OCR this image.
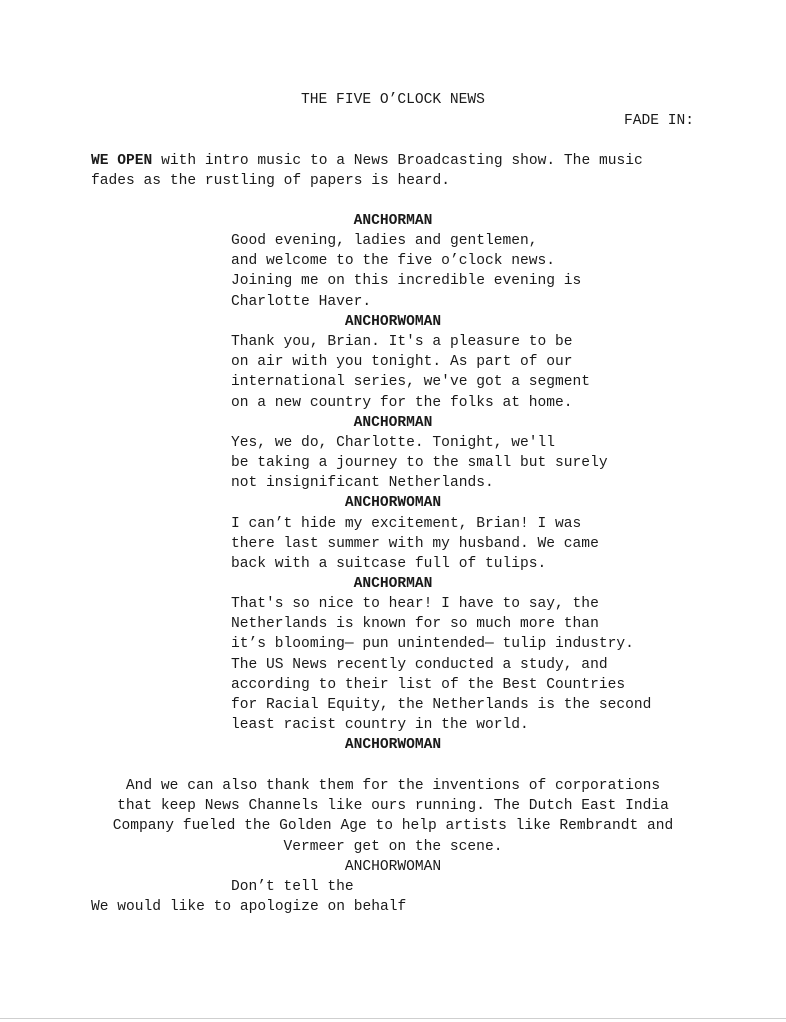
THE FIVE O’CLOCK NEWS
FADE IN:
WE OPEN with intro music to a News Broadcasting show. The music
fades as the rustling of papers is heard.
ANCHORMAN
Good evening, ladies and gentlemen,
and welcome to the five o’clock news.
Joining me on this incredible evening is
Charlotte Haver.
ANCHORWOMAN
Thank you, Brian. It's a pleasure to be
on air with you tonight. As part of our
international series, we've got a segment
on a new country for the folks at home.
ANCHORMAN
Yes, we do, Charlotte. Tonight, we'll
be taking a journey to the small but surely
not insignificant Netherlands.
ANCHORWOMAN
I can’t hide my excitement, Brian! I was
there last summer with my husband. We came
back with a suitcase full of tulips.
ANCHORMAN
That's so nice to hear! I have to say, the
Netherlands is known for so much more than
it’s blooming— pun unintended— tulip industry.
The US News recently conducted a study, and
according to their list of the Best Countries
for Racial Equity, the Netherlands is the second
least racist country in the world.
ANCHORWOMAN
And we can also thank them for the inventions of corporations
that keep News Channels like ours running. The Dutch East India
Company fueled the Golden Age to help artists like Rembrandt and
Vermeer get on the scene.
ANCHORWOMAN
Don’t tell the
We would like to apologize on behalf
